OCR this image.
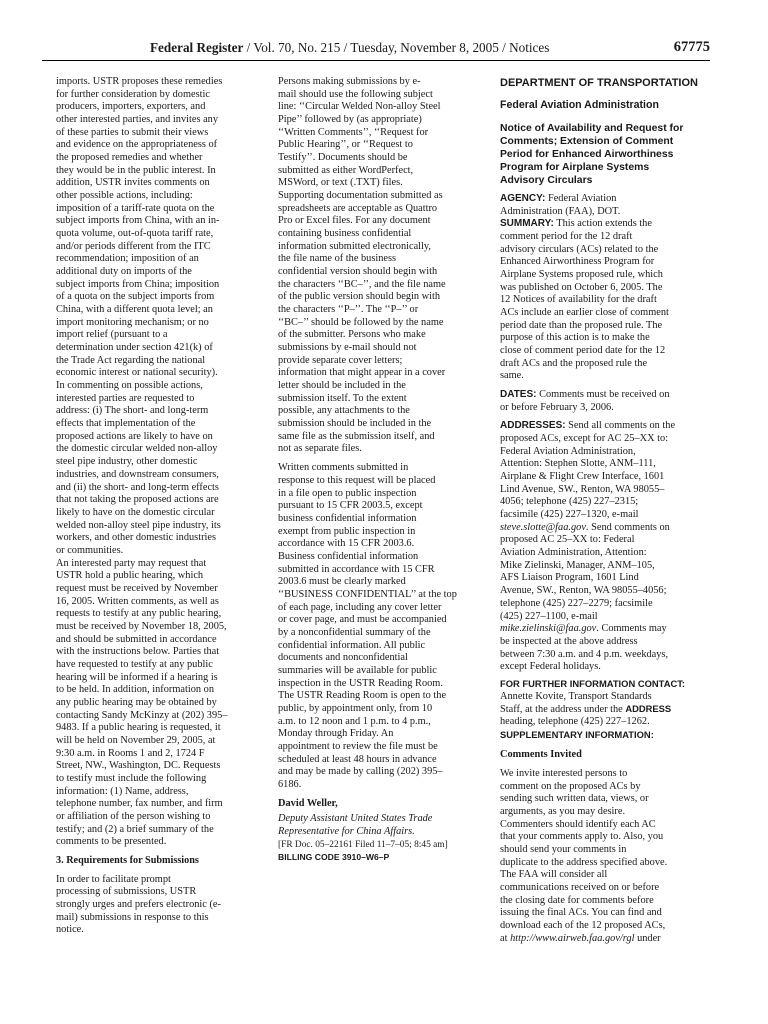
Federal Register / Vol. 70, No. 215 / Tuesday, November 8, 2005 / Notices	67775
imports. USTR proposes these remedies
for further consideration by domestic
producers, importers, exporters, and
other interested parties, and invites any
of these parties to submit their views
and evidence on the appropriateness of
the proposed remedies and whether
they would be in the public interest. In
addition, USTR invites comments on
other possible actions, including:
imposition of a tariff-rate quota on the
subject imports from China, with an in-
quota volume, out-of-quota tariff rate,
and/or periods different from the ITC
recommendation; imposition of an
additional duty on imports of the
subject imports from China; imposition
of a quota on the subject imports from
China, with a different quota level; an
import monitoring mechanism; or no
import relief (pursuant to a
determination under section 421(k) of
the Trade Act regarding the national
economic interest or national security).
In commenting on possible actions,
interested parties are requested to
address: (i) The short- and long-term
effects that implementation of the
proposed actions are likely to have on
the domestic circular welded non-alloy
steel pipe industry, other domestic
industries, and downstream consumers,
and (ii) the short- and long-term effects
that not taking the proposed actions are
likely to have on the domestic circular
welded non-alloy steel pipe industry, its
workers, and other domestic industries
or communities.
An interested party may request that
USTR hold a public hearing, which
request must be received by November
16, 2005. Written comments, as well as
requests to testify at any public hearing,
must be received by November 18, 2005,
and should be submitted in accordance
with the instructions below. Parties that
have requested to testify at any public
hearing will be informed if a hearing is
to be held. In addition, information on
any public hearing may be obtained by
contacting Sandy McKinzy at (202) 395–
9483. If a public hearing is requested, it
will be held on November 29, 2005, at
9:30 a.m. in Rooms 1 and 2, 1724 F
Street, NW., Washington, DC. Requests
to testify must include the following
information: (1) Name, address,
telephone number, fax number, and firm
or affiliation of the person wishing to
testify; and (2) a brief summary of the
comments to be presented.
3. Requirements for Submissions
In order to facilitate prompt
processing of submissions, USTR
strongly urges and prefers electronic (e-
mail) submissions in response to this
notice.
Persons making submissions by e-
mail should use the following subject
line: ‘‘Circular Welded Non-alloy Steel
Pipe’’ followed by (as appropriate)
‘‘Written Comments’’, ‘‘Request for
Public Hearing’’, or ‘‘Request to
Testify’’. Documents should be
submitted as either WordPerfect,
MSWord, or text (.TXT) files.
Supporting documentation submitted as
spreadsheets are acceptable as Quattro
Pro or Excel files. For any document
containing business confidential
information submitted electronically,
the file name of the business
confidential version should begin with
the characters ‘‘BC–’’, and the file name
of the public version should begin with
the characters ‘‘P–’’. The ‘‘P–’’ or
‘‘BC–’’ should be followed by the name
of the submitter. Persons who make
submissions by e-mail should not
provide separate cover letters;
information that might appear in a cover
letter should be included in the
submission itself. To the extent
possible, any attachments to the
submission should be included in the
same file as the submission itself, and
not as separate files.
Written comments submitted in
response to this request will be placed
in a file open to public inspection
pursuant to 15 CFR 2003.5, except
business confidential information
exempt from public inspection in
accordance with 15 CFR 2003.6.
Business confidential information
submitted in accordance with 15 CFR
2003.6 must be clearly marked
‘‘BUSINESS CONFIDENTIAL’’ at the top
of each page, including any cover letter
or cover page, and must be accompanied
by a nonconfidential summary of the
confidential information. All public
documents and nonconfidential
summaries will be available for public
inspection in the USTR Reading Room.
The USTR Reading Room is open to the
public, by appointment only, from 10
a.m. to 12 noon and 1 p.m. to 4 p.m.,
Monday through Friday. An
appointment to review the file must be
scheduled at least 48 hours in advance
and may be made by calling (202) 395–
6186.
David Weller,
Deputy Assistant United States Trade
Representative for China Affairs.
[FR Doc. 05–22161 Filed 11–7–05; 8:45 am]
BILLING CODE 3910–W6–P
DEPARTMENT OF TRANSPORTATION
Federal Aviation Administration
Notice of Availability and Request for
Comments; Extension of Comment
Period for Enhanced Airworthiness
Program for Airplane Systems
Advisory Circulars
AGENCY: Federal Aviation
Administration (FAA), DOT.
SUMMARY: This action extends the
comment period for the 12 draft
advisory circulars (ACs) related to the
Enhanced Airworthiness Program for
Airplane Systems proposed rule, which
was published on October 6, 2005. The
12 Notices of availability for the draft
ACs include an earlier close of comment
period date than the proposed rule. The
purpose of this action is to make the
close of comment period date for the 12
draft ACs and the proposed rule the
same.
DATES: Comments must be received on
or before February 3, 2006.
ADDRESSES: Send all comments on the
proposed ACs, except for AC 25–XX to:
Federal Aviation Administration,
Attention: Stephen Slotte, ANM–111,
Airplane & Flight Crew Interface, 1601
Lind Avenue, SW., Renton, WA 98055–
4056; telephone (425) 227–2315;
facsimile (425) 227–1320, e-mail
steve.slotte@faa.gov. Send comments on
proposed AC 25–XX to: Federal
Aviation Administration, Attention:
Mike Zielinski, Manager, ANM–105,
AFS Liaison Program, 1601 Lind
Avenue, SW., Renton, WA 98055–4056;
telephone (425) 227–2279; facsimile
(425) 227–1100, e-mail
mike.zielinski@faa.gov. Comments may
be inspected at the above address
between 7:30 a.m. and 4 p.m. weekdays,
except Federal holidays.
FOR FURTHER INFORMATION CONTACT:
Annette Kovite, Transport Standards
Staff, at the address under the ADDRESS
heading, telephone (425) 227–1262.
SUPPLEMENTARY INFORMATION:
Comments Invited
We invite interested persons to
comment on the proposed ACs by
sending such written data, views, or
arguments, as you may desire.
Commenters should identify each AC
that your comments apply to. Also, you
should send your comments in
duplicate to the address specified above.
The FAA will consider all
communications received on or before
the closing date for comments before
issuing the final ACs. You can find and
download each of the 12 proposed ACs,
at http://www.airweb.faa.gov/rgl under
